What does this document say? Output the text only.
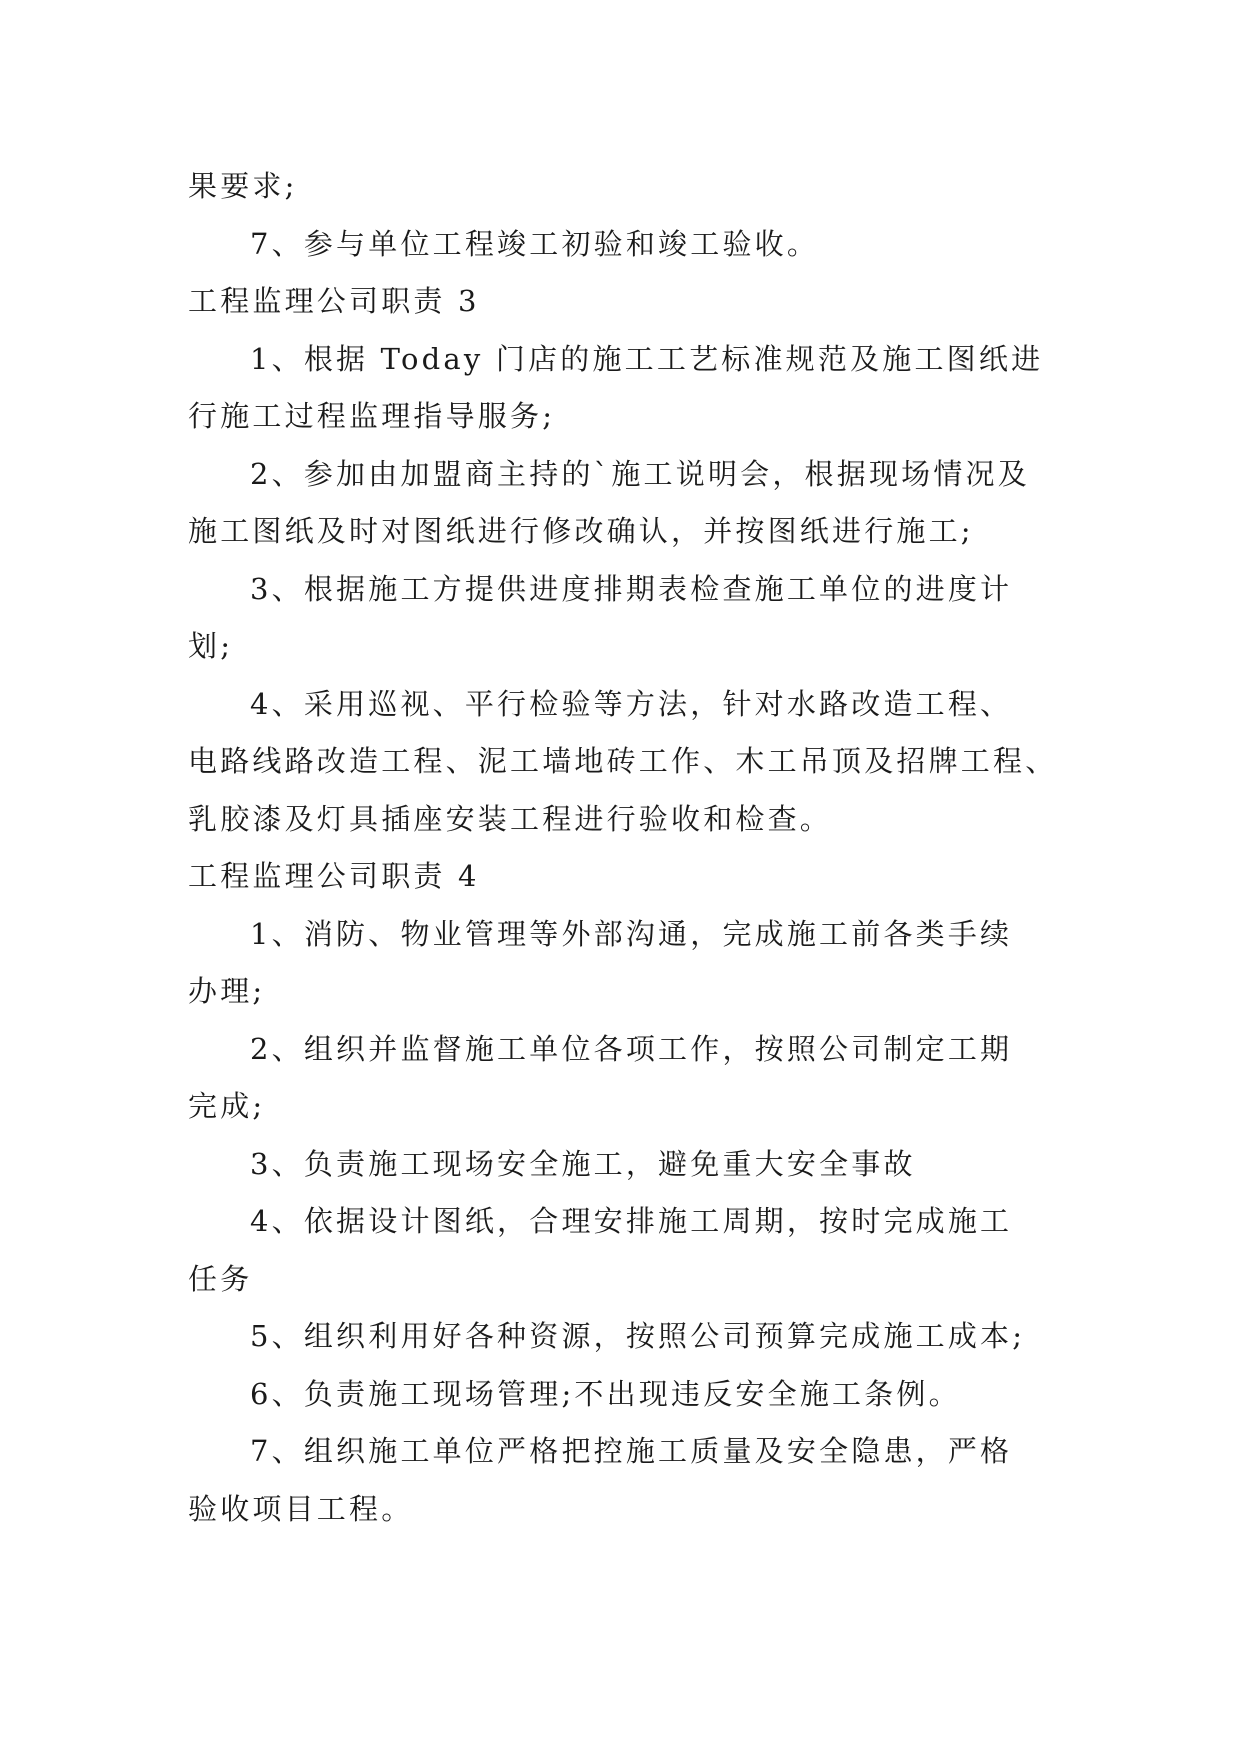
果要求;
7、参与单位工程竣工初验和竣工验收。
工程监理公司职责 3
1、根据 Today 门店的施工工艺标准规范及施工图纸进
行施工过程监理指导服务;
2、参加由加盟商主持的`施工说明会，根据现场情况及
施工图纸及时对图纸进行修改确认，并按图纸进行施工;
3、根据施工方提供进度排期表检查施工单位的进度计
划;
4、采用巡视、平行检验等方法，针对水路改造工程、
电路线路改造工程、泥工墙地砖工作、木工吊顶及招牌工程、
乳胶漆及灯具插座安装工程进行验收和检查。
工程监理公司职责 4
1、消防、物业管理等外部沟通，完成施工前各类手续
办理;
2、组织并监督施工单位各项工作，按照公司制定工期
完成;
3、负责施工现场安全施工，避免重大安全事故
4、依据设计图纸，合理安排施工周期，按时完成施工
任务
5、组织利用好各种资源，按照公司预算完成施工成本;
6、负责施工现场管理;不出现违反安全施工条例。
7、组织施工单位严格把控施工质量及安全隐患，严格
验收项目工程。
